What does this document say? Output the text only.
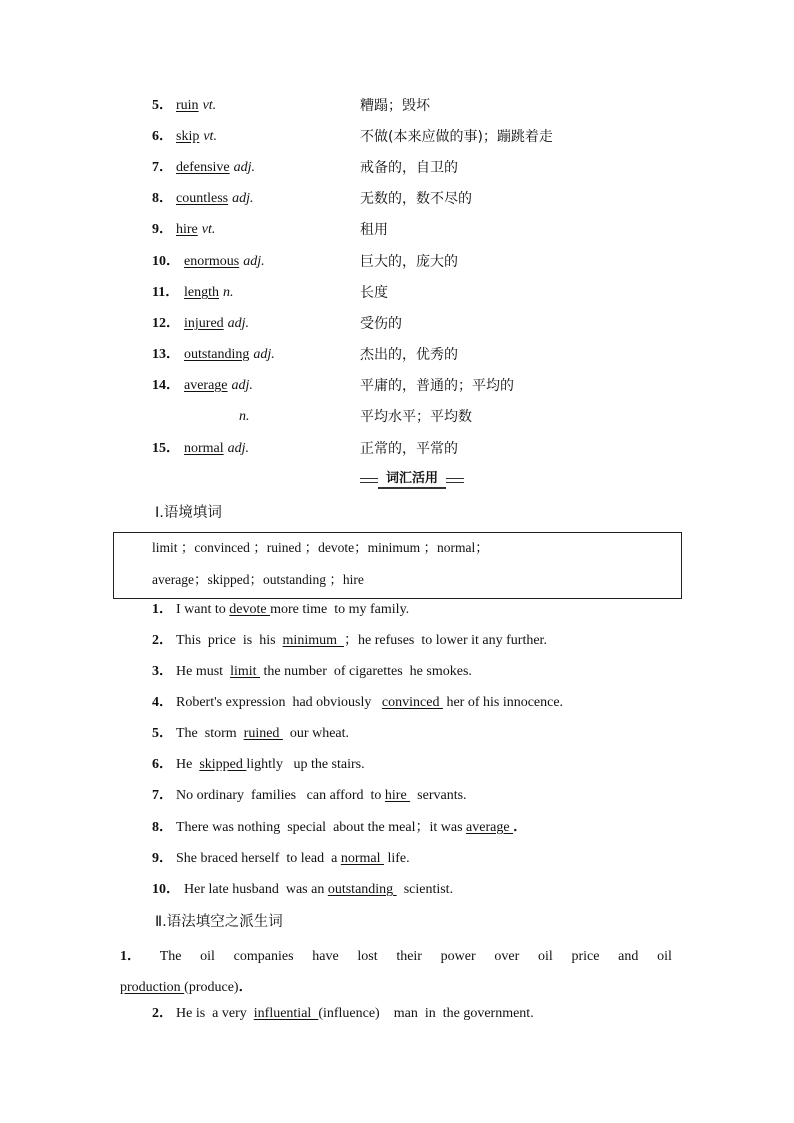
5． ruin vt.	糟蹋；毁坏
6． skip vt.	不做(本来应做的事)；蹦跳着走
7． defensive adj.	戒备的，自卫的
8． countless adj.	无数的，数不尽的
9． hire vt.	租用
10． enormous adj.	巨大的，庞大的
11． length n.	长度
12． injured adj.	受伤的
13． outstanding adj.	杰出的，优秀的
14． average adj.	平庸的，普通的；平均的
n.	平均水平；平均数
15． normal adj.	正常的，平常的
词汇活用
Ⅰ.语境填词
limit ；convinced ；ruined ；devote；minimum ；normal；
average；skipped；outstanding ；hire
1． I want to devote more time  to my family.
2． This  price  is  his  minimum  ；he refuses  to lower it any further.
3． He must  limit  the number  of cigarettes  he smokes.
4． Robert's expression  had obviously   convinced  her of his innocence.
5． The  storm  ruined   our wheat.
6． He  skipped lightly   up the stairs.
7． No ordinary  families   can afford  to hire   servants.
8． There was nothing  special  about the meal；it was average ．
9． She braced herself  to lead  a normal  life.
10． Her late husband  was an outstanding   scientist.
Ⅱ.语法填空之派生词
1． The oil companies have lost their power over oil price and oil
production (produce)．
2． He is  a very  influential  (influence)    man  in  the government.
